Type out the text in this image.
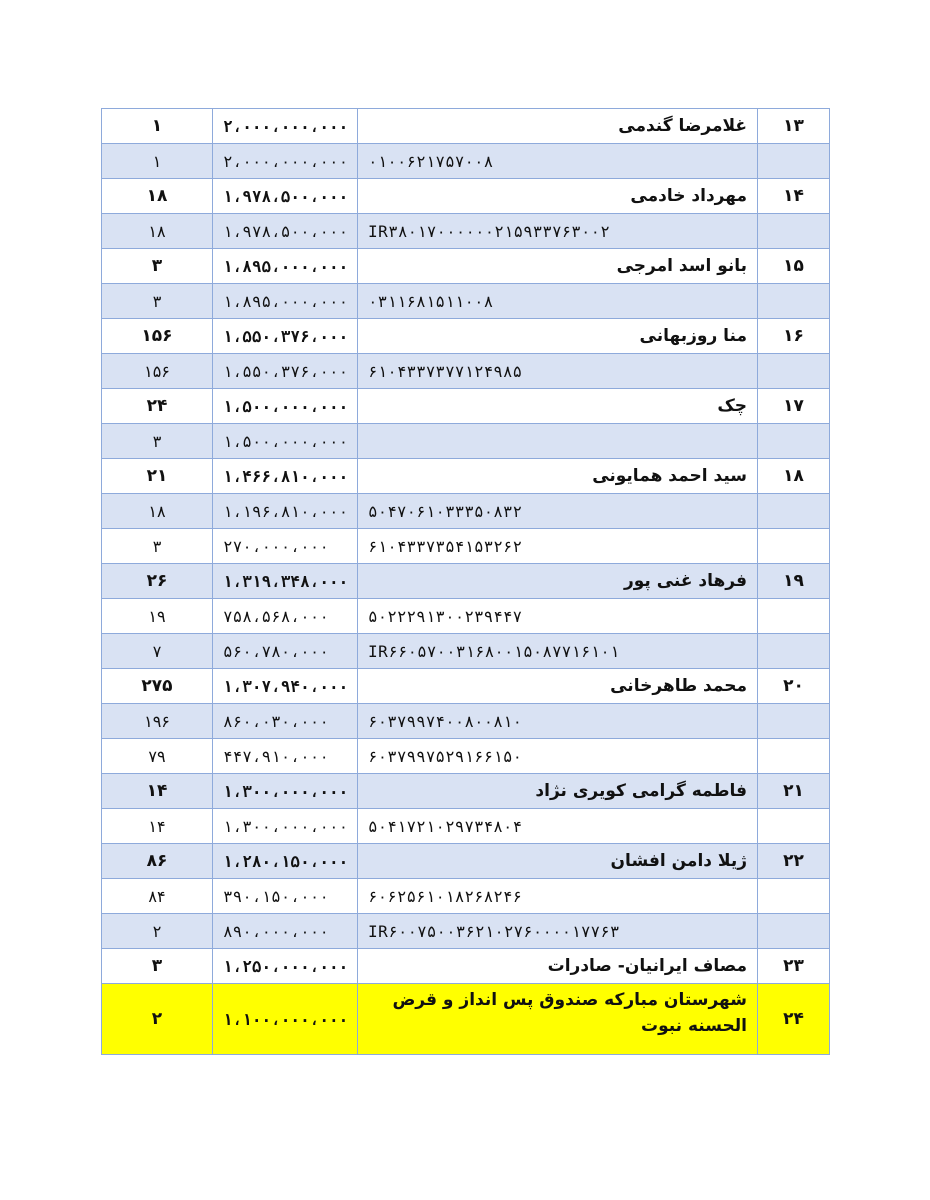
۱۳	غلامرضا گندمی	۲،۰۰۰،۰۰۰،۰۰۰	۱
	۰۱۰۰۶۲۱۷۵۷۰۰۸	۲،۰۰۰،۰۰۰،۰۰۰	۱
۱۴	مهرداد خادمی	۱،۹۷۸،۵۰۰،۰۰۰	۱۸
	IR۳۸۰۱۷۰۰۰۰۰۰۲۱۵۹۳۳۷۶۳۰۰۲	۱،۹۷۸،۵۰۰،۰۰۰	۱۸
۱۵	بانو اسد امرجی	۱،۸۹۵،۰۰۰،۰۰۰	۳
	۰۳۱۱۶۸۱۵۱۱۰۰۸	۱،۸۹۵،۰۰۰،۰۰۰	۳
۱۶	منا روزبهانی	۱،۵۵۰،۳۷۶،۰۰۰	۱۵۶
	۶۱۰۴۳۳۷۳۷۷۱۲۴۹۸۵	۱،۵۵۰،۳۷۶،۰۰۰	۱۵۶
۱۷	چک	۱،۵۰۰،۰۰۰،۰۰۰	۲۴
		۱،۵۰۰،۰۰۰،۰۰۰	۳
۱۸	سید احمد همایونی	۱،۴۶۶،۸۱۰،۰۰۰	۲۱
	۵۰۴۷۰۶۱۰۳۳۳۵۰۸۳۲	۱،۱۹۶،۸۱۰،۰۰۰	۱۸
	۶۱۰۴۳۳۷۳۵۴۱۵۳۲۶۲	۲۷۰،۰۰۰،۰۰۰	۳
۱۹	فرهاد غنی پور	۱،۳۱۹،۳۴۸،۰۰۰	۲۶
	۵۰۲۲۲۹۱۳۰۰۲۳۹۴۴۷	۷۵۸،۵۶۸،۰۰۰	۱۹
	IR۶۶۰۵۷۰۰۳۱۶۸۰۰۱۵۰۸۷۷۱۶۱۰۱	۵۶۰،۷۸۰،۰۰۰	۷
۲۰	محمد طاهرخانی	۱،۳۰۷،۹۴۰،۰۰۰	۲۷۵
	۶۰۳۷۹۹۷۴۰۰۸۰۰۸۱۰	۸۶۰،۰۳۰،۰۰۰	۱۹۶
	۶۰۳۷۹۹۷۵۲۹۱۶۶۱۵۰	۴۴۷،۹۱۰،۰۰۰	۷۹
۲۱	فاطمه گرامی کویری نژاد	۱،۳۰۰،۰۰۰،۰۰۰	۱۴
	۵۰۴۱۷۲۱۰۲۹۷۳۴۸۰۴	۱،۳۰۰،۰۰۰،۰۰۰	۱۴
۲۲	ژیلا دامن افشان	۱،۲۸۰،۱۵۰،۰۰۰	۸۶
	۶۰۶۲۵۶۱۰۱۸۲۶۸۲۴۶	۳۹۰،۱۵۰،۰۰۰	۸۴
	IR۶۰۰۷۵۰۰۳۶۲۱۰۲۷۶۰۰۰۰۱۷۷۶۳	۸۹۰،۰۰۰،۰۰۰	۲
۲۳	مصاف ایرانیان- صادرات	۱،۲۵۰،۰۰۰،۰۰۰	۳
۲۴	شهرستان مبارکه صندوق پس انداز و قرض الحسنه نبوت	۱،۱۰۰،۰۰۰،۰۰۰	۲
